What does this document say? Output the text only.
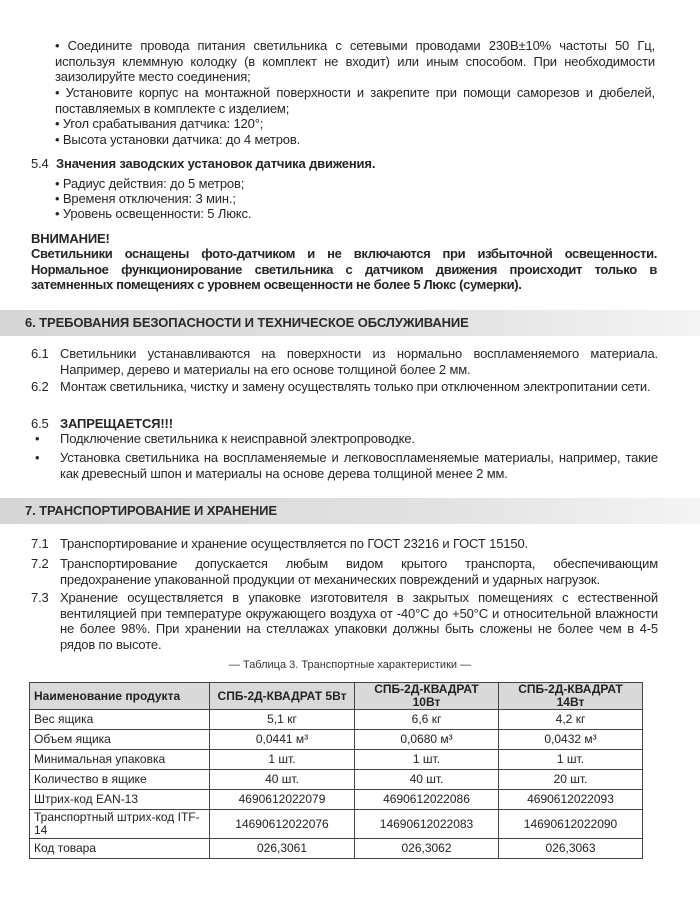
• Соедините провода питания светильника с сетевыми проводами 230В±10% частоты 50 Гц, используя клеммную колодку (в комплект не входит) или иным способом. При необходимости заизолируйте место соединения;
• Установите корпус на монтажной поверхности и закрепите при помощи саморезов и дюбелей, поставляемых в комплекте с изделием;
• Угол срабатывания датчика: 120°;
• Высота установки датчика: до 4 метров.
5.4 Значения заводских установок датчика движения.
• Радиус действия: до 5 метров;
• Временя отключения: 3 мин.;
• Уровень освещенности: 5 Люкс.
ВНИМАНИЕ!
Светильники оснащены фото-датчиком и не включаются при избыточной освещенности. Нормальное функционирование светильника с датчиком движения происходит только в затемненных помещениях с уровнем освещенности не более 5 Люкс (сумерки).
6. ТРЕБОВАНИЯ БЕЗОПАСНОСТИ И ТЕХНИЧЕСКОЕ ОБСЛУЖИВАНИЕ
6.1 Светильники устанавливаются на поверхности из нормально воспламеняемого материала. Например, дерево и материалы на его основе толщиной более 2 мм.
6.2 Монтаж светильника, чистку и замену осуществлять только при отключенном электропитании сети.
6.5 ЗАПРЕЩАЕТСЯ!!!
• Подключение светильника к неисправной электропроводке.
• Установка светильника на воспламеняемые и легковоспламеняемые материалы, например, такие как древесный шпон и материалы на основе дерева толщиной менее 2 мм.
7. ТРАНСПОРТИРОВАНИЕ И ХРАНЕНИЕ
7.1 Транспортирование и хранение осуществляется по ГОСТ 23216 и ГОСТ 15150.
7.2 Транспортирование допускается любым видом крытого транспорта, обеспечивающим предохранение упакованной продукции от механических повреждений и ударных нагрузок.
7.3 Хранение осуществляется в упаковке изготовителя в закрытых помещениях с естественной вентиляцией при температуре окружающего воздуха от -40°С до +50°С и относительной влажности не более 98%. При хранении на стеллажах упаковки должны быть сложены не более чем в 4-5 рядов по высоте.
— Таблица 3. Транспортные характеристики —
Наименование продукта	СПБ-2Д-КВАДРАТ 5Вт	СПБ-2Д-КВАДРАТ 10Вт	СПБ-2Д-КВАДРАТ 14Вт
Вес ящика	5,1 кг	6,6 кг	4,2 кг
Объем ящика	0,0441 м³	0,0680 м³	0,0432 м³
Минимальная упаковка	1 шт.	1 шт.	1 шт.
Количество в ящике	40 шт.	40 шт.	20 шт.
Штрих-код EAN-13	4690612022079	4690612022086	4690612022093
Транспортный штрих-код ITF-14	14690612022076	14690612022083	14690612022090
Код товара	026,3061	026,3062	026,3063
